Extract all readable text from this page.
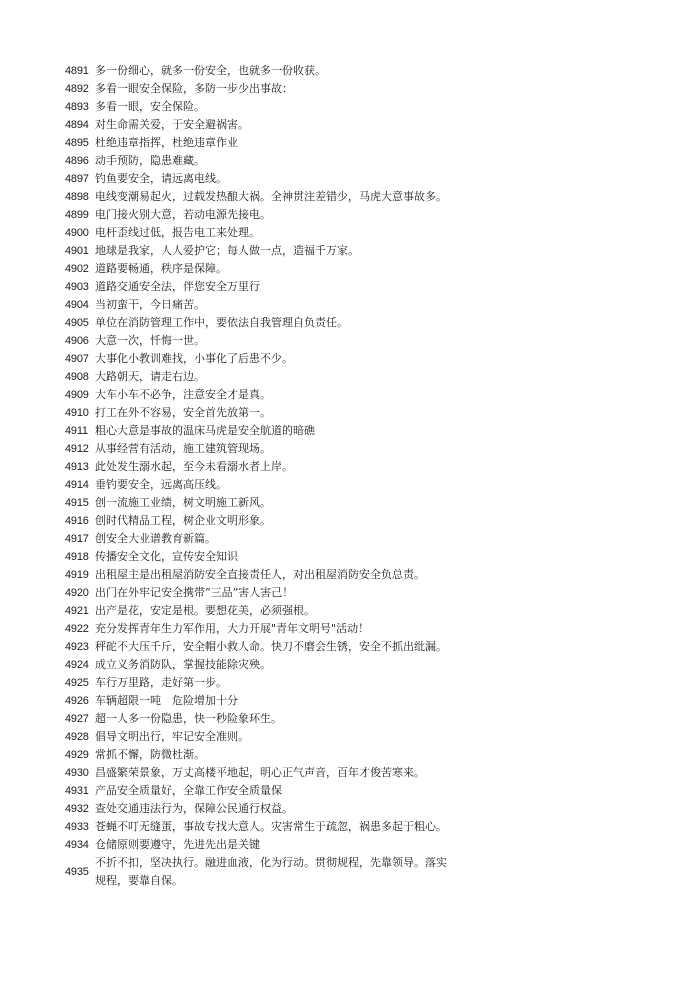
4891 多一份细心，就多一份安全，也就多一份收获。
4892 多看一眼安全保险，多防一步少出事故：
4893 多看一眼，安全保险。
4894 对生命需关爱，于安全避祸害。
4895 杜绝违章指挥，杜绝违章作业
4896 动手预防，隐患难藏。
4897 钓鱼要安全，请远离电线。
4898 电线变潮易起火，过载发热酿大祸。全神贯注差错少，马虎大意事故多。
4899 电门接火别大意，若动电源先接电。
4900 电杆歪线过低，报告电工来处理。
4901 地球是我家，人人爱护它；每人做一点，造福千万家。
4902 道路要畅通，秩序是保障。
4903 道路交通安全法，伴您安全万里行
4904 当初蛮干，今日痛苦。
4905 单位在消防管理工作中，要依法自我管理自负责任。
4906 大意一次，忏悔一世。
4907 大事化小教训难找，小事化了后患不少。
4908 大路朝天，请走右边。
4909 大车小车不必争，注意安全才是真。
4910 打工在外不容易，安全首先放第一。
4911 粗心大意是事故的温床马虎是安全航道的暗礁
4912 从事经营有活动，施工建筑管现场。
4913 此处发生溺水起，至今未看溺水者上岸。
4914 垂钓要安全，远离高压线。
4915 创一流施工业绩，树文明施工新风。
4916 创时代精品工程，树企业文明形象。
4917 创安全大业谱教育新篇。
4918 传播安全文化，宣传安全知识
4919 出租屋主是出租屋消防安全直接责任人，对出租屋消防安全负总责。
4920 出门在外牢记安全携带“三品”害人害己！
4921 出产是花，安定是根。要想花美，必须强根。
4922 充分发挥青年生力军作用，大力开展"青年文明号"活动！
4923 秤砣不大压千斤，安全帽小救人命。快刀不磨会生锈，安全不抓出纰漏。
4924 成立义务消防队，掌握技能除灾殃。
4925 车行万里路，走好第一步。
4926 车辆超限一吨　危险增加十分
4927 超一人多一份隐患，快一秒险象环生。
4928 倡导文明出行，牢记安全准则。
4929 常抓不懈，防微杜渐。
4930 昌盛繁荣景象，万丈高楼平地起，明心正气声音，百年才俊苦寒来。
4931 产品安全质量好，全靠工作安全质量保
4932 查处交通违法行为，保障公民通行权益。
4933 苍蝇不叮无缝蛋，事故专找大意人。灾害常生于疏忽，祸患多起于粗心。
4934 仓储原则要遵守，先进先出是关键
4935
不折不扣，坚决执行。融进血液，化为行动。贯彻规程，先靠领导。落实规程，要靠自保。
